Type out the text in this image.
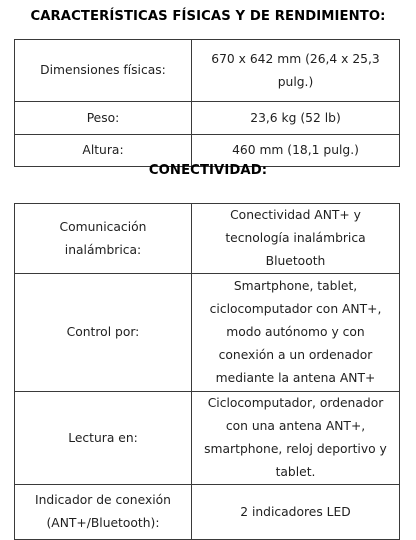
CARACTERÍSTICAS FÍSICAS Y DE RENDIMIENTO:
Dimensiones físicas:	670 x 642 mm (26,4 x 25,3 pulg.)
Peso:	23,6 kg (52 lb)
Altura:	460 mm (18,1 pulg.)
CONECTIVIDAD:
Comunicación inalámbrica:	Conectividad ANT+ y tecnología inalámbrica Bluetooth
Control por:	Smartphone, tablet, ciclocomputador con ANT+, modo autónomo y con conexión a un ordenador mediante la antena ANT+
Lectura en:	Ciclocomputador, ordenador con una antena ANT+, smartphone, reloj deportivo y tablet.
Indicador de conexión (ANT+/Bluetooth):	2 indicadores LED
